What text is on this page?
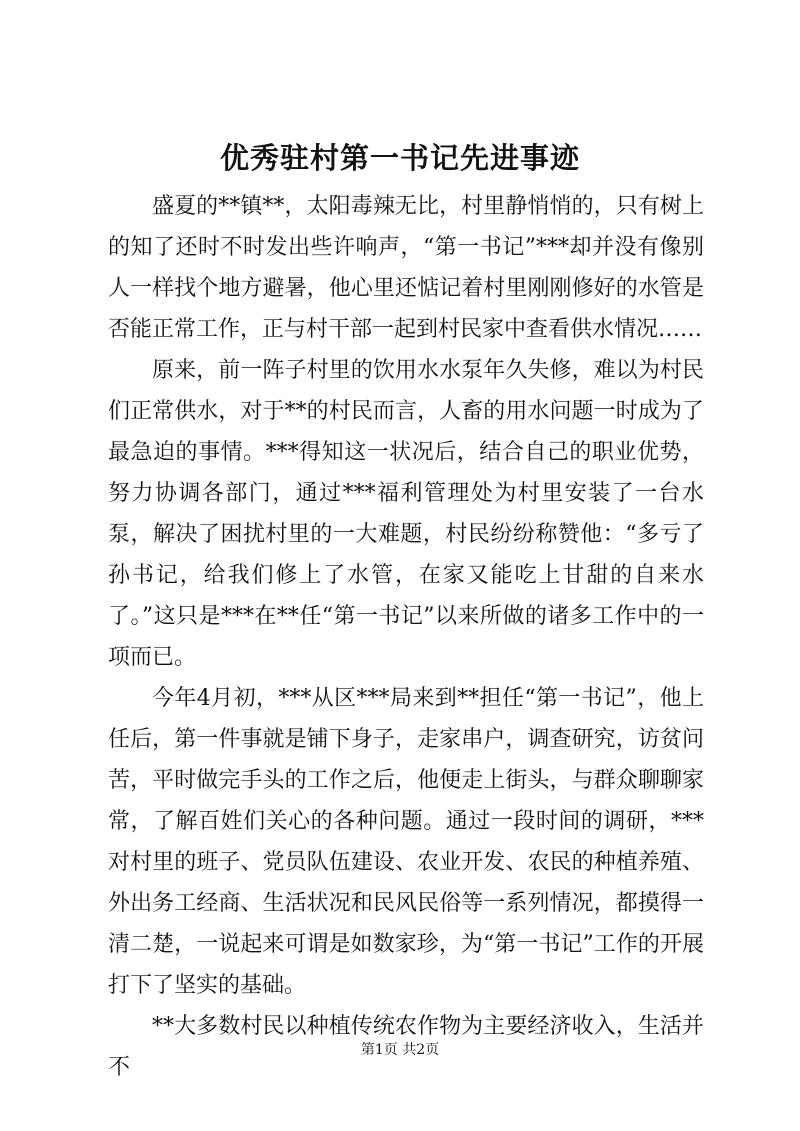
优秀驻村第一书记先进事迹

盛夏的**镇**，太阳毒辣无比，村里静悄悄的，只有树上的知了还时不时发出些许响声，“第一书记”***却并没有像别人一样找个地方避暑，他心里还惦记着村里刚刚修好的水管是否能正常工作，正与村干部一起到村民家中查看供水情况……

原来，前一阵子村里的饮用水水泵年久失修，难以为村民们正常供水，对于**的村民而言，人畜的用水问题一时成为了最急迫的事情。***得知这一状况后，结合自己的职业优势，努力协调各部门，通过***福利管理处为村里安装了一台水泵，解决了困扰村里的一大难题，村民纷纷称赞他：“多亏了孙书记，给我们修上了水管，在家又能吃上甘甜的自来水了。”这只是***在**任“第一书记”以来所做的诸多工作中的一项而已。

今年4月初，***从区***局来到**担任“第一书记”，他上任后，第一件事就是铺下身子，走家串户，调查研究，访贫问苦，平时做完手头的工作之后，他便走上街头，与群众聊聊家常，了解百姓们关心的各种问题。通过一段时间的调研，***对村里的班子、党员队伍建设、农业开发、农民的种植养殖、外出务工经商、生活状况和民风民俗等一系列情况，都摸得一清二楚，一说起来可谓是如数家珍，为“第一书记”工作的开展打下了坚实的基础。

**大多数村民以种植传统农作物为主要经济收入，生活并不

第1页 共2页
